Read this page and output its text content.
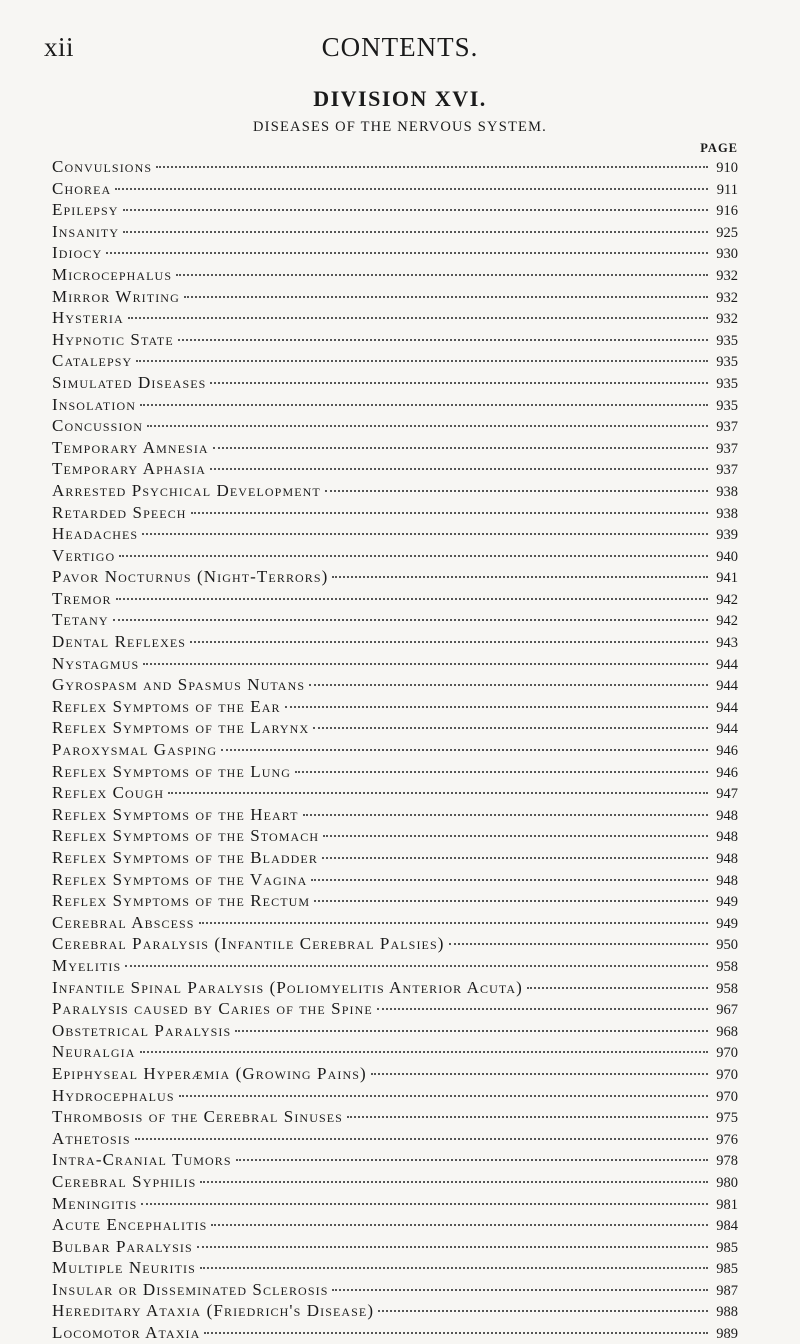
xii	CONTENTS.
DIVISION XVI.
DISEASES OF THE NERVOUS SYSTEM.
PAGE
Convulsions	910
Chorea	911
Epilepsy	916
Insanity	925
Idiocy	930
Microcephalus	932
Mirror Writing	932
Hysteria	932
Hypnotic State	935
Catalepsy	935
Simulated Diseases	935
Insolation	935
Concussion	937
Temporary Amnesia	937
Temporary Aphasia	937
Arrested Psychical Development	938
Retarded Speech	938
Headaches	939
Vertigo	940
Pavor Nocturnus (Night-Terrors)	941
Tremor	942
Tetany	942
Dental Reflexes	943
Nystagmus	944
Gyrospasm and Spasmus Nutans	944
Reflex Symptoms of the Ear	944
Reflex Symptoms of the Larynx	944
Paroxysmal Gasping	946
Reflex Symptoms of the Lung	946
Reflex Cough	947
Reflex Symptoms of the Heart	948
Reflex Symptoms of the Stomach	948
Reflex Symptoms of the Bladder	948
Reflex Symptoms of the Vagina	948
Reflex Symptoms of the Rectum	949
Cerebral Abscess	949
Cerebral Paralysis (Infantile Cerebral Palsies)	950
Myelitis	958
Infantile Spinal Paralysis (Poliomyelitis Anterior Acuta)	958
Paralysis caused by Caries of the Spine	967
Obstetrical Paralysis	968
Neuralgia	970
Epiphyseal Hyperæmia (Growing Pains)	970
Hydrocephalus	970
Thrombosis of the Cerebral Sinuses	975
Athetosis	976
Intra-Cranial Tumors	978
Cerebral Syphilis	980
Meningitis	981
Acute Encephalitis	984
Bulbar Paralysis	985
Multiple Neuritis	985
Insular or Disseminated Sclerosis	987
Hereditary Ataxia (Friedrich's Disease)	988
Locomotor Ataxia	989
